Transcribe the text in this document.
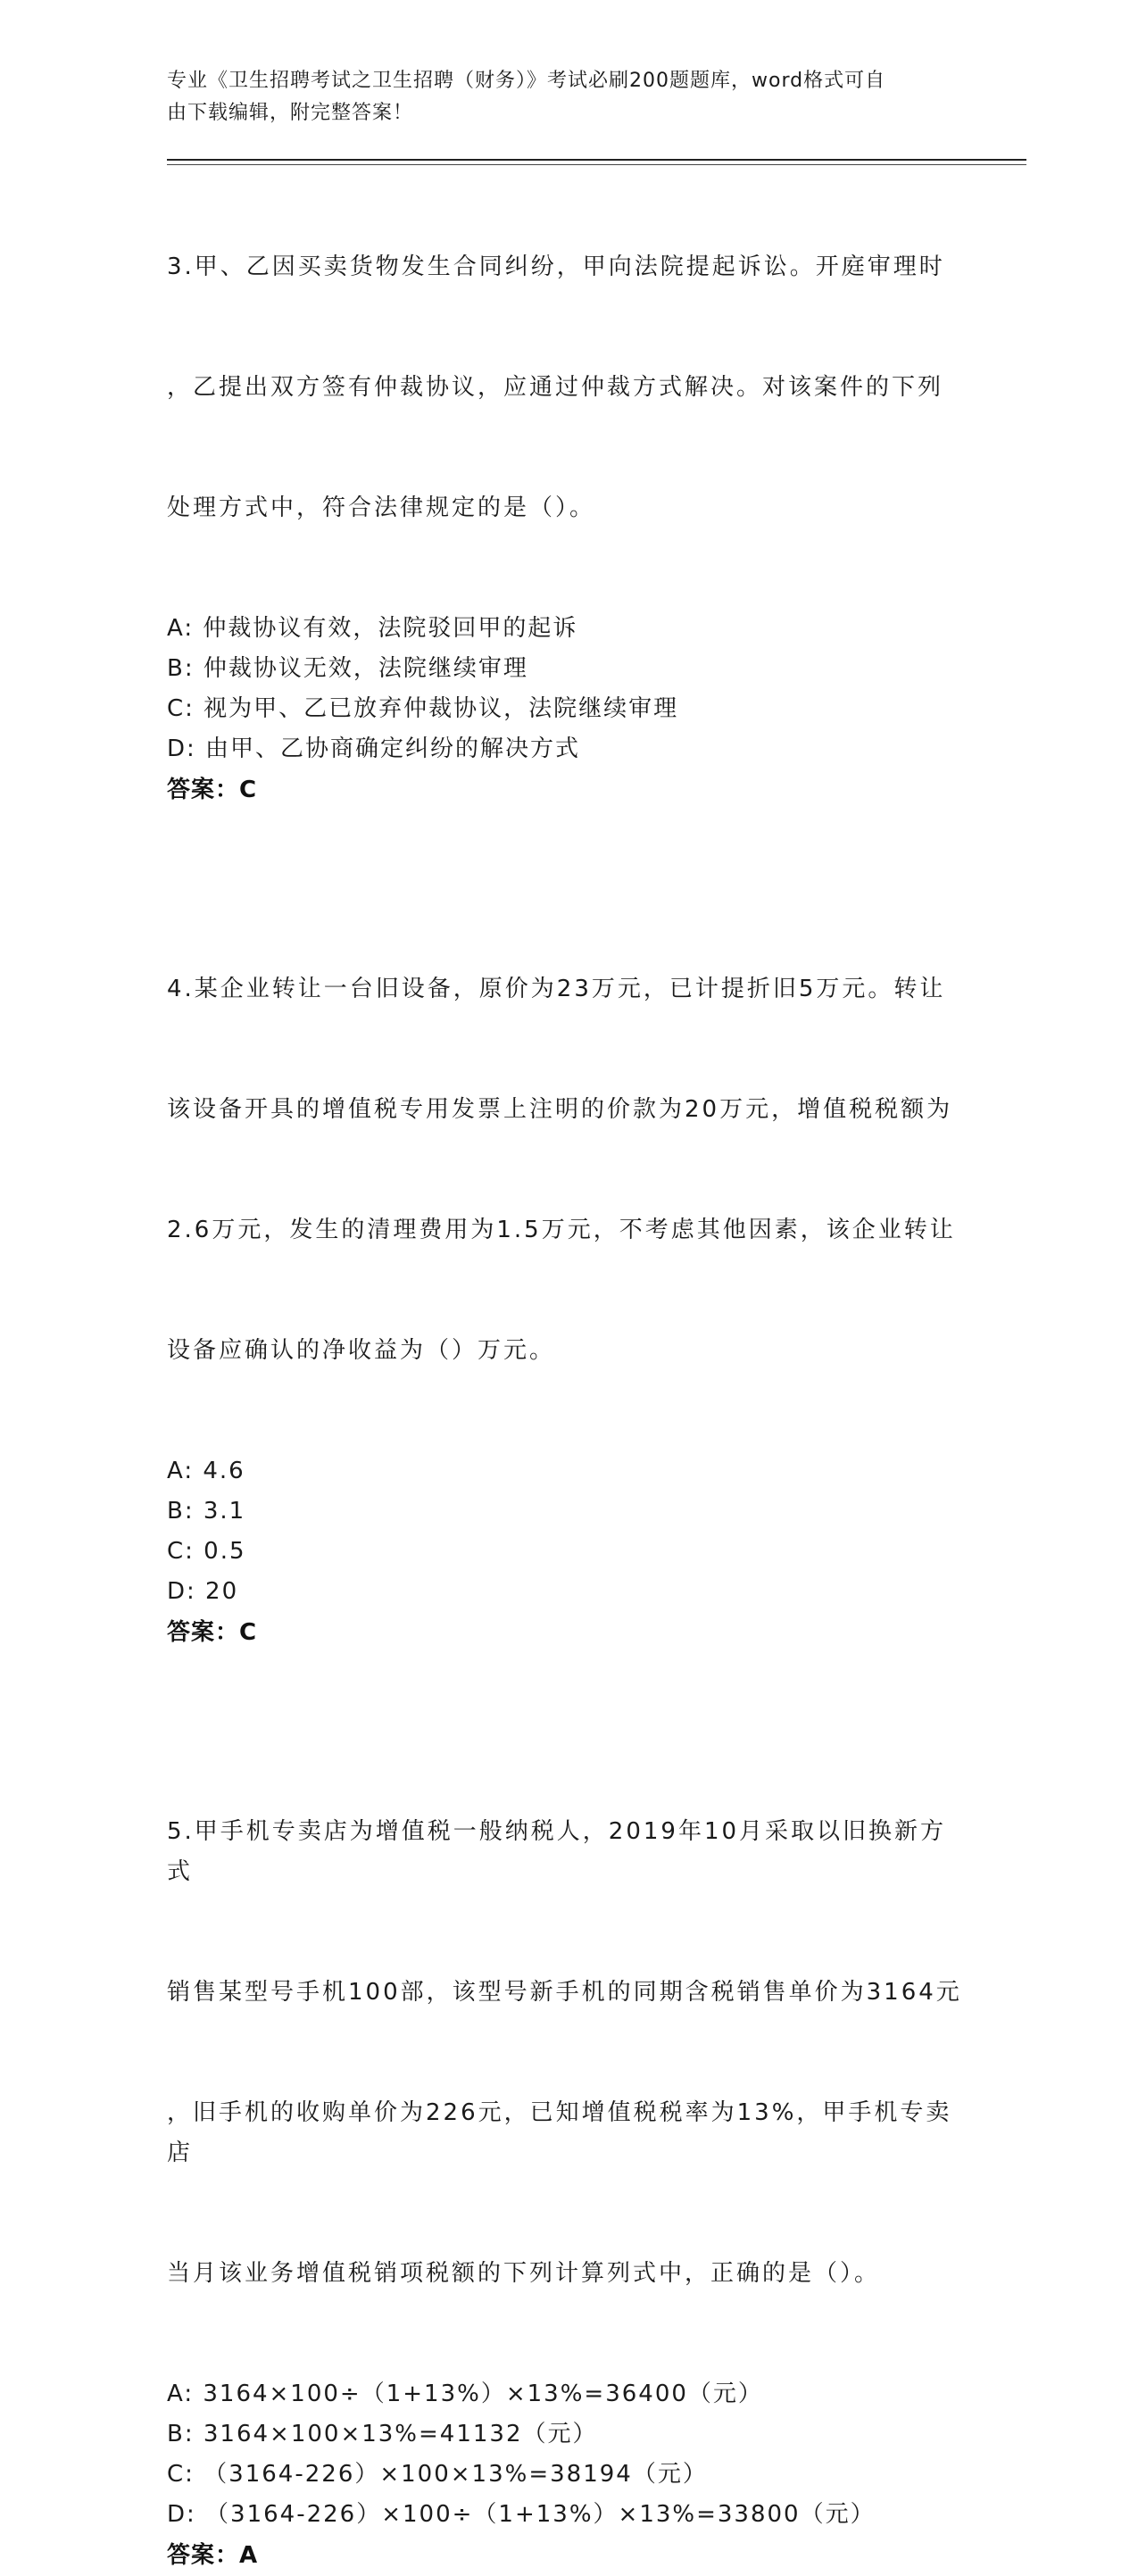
专业《卫生招聘考试之卫生招聘（财务）》考试必刷200题题库，word格式可自
由下载编辑，附完整答案！

3.甲、乙因买卖货物发生合同纠纷，甲向法院提起诉讼。开庭审理时

，乙提出双方签有仲裁协议，应通过仲裁方式解决。对该案件的下列

处理方式中，符合法律规定的是（）。

A: 仲裁协议有效，法院驳回甲的起诉
B: 仲裁协议无效，法院继续审理
C: 视为甲、乙已放弃仲裁协议，法院继续审理
D: 由甲、乙协商确定纠纷的解决方式
答案：C

4.某企业转让一台旧设备，原价为23万元，已计提折旧5万元。转让

该设备开具的增值税专用发票上注明的价款为20万元，增值税税额为

2.6万元，发生的清理费用为1.5万元，不考虑其他因素，该企业转让

设备应确认的净收益为（）万元。

A: 4.6
B: 3.1
C: 0.5
D: 20
答案：C

5.甲手机专卖店为增值税一般纳税人，2019年10月采取以旧换新方式

销售某型号手机100部，该型号新手机的同期含税销售单价为3164元

，旧手机的收购单价为226元，已知增值税税率为13%，甲手机专卖店

当月该业务增值税销项税额的下列计算列式中，正确的是（）。

A: 3164×100÷（1+13%）×13%=36400（元）
B: 3164×100×13%=41132（元）
C: （3164-226）×100×13%=38194（元）
D: （3164-226）×100÷（1+13%）×13%=33800（元）
答案：A
